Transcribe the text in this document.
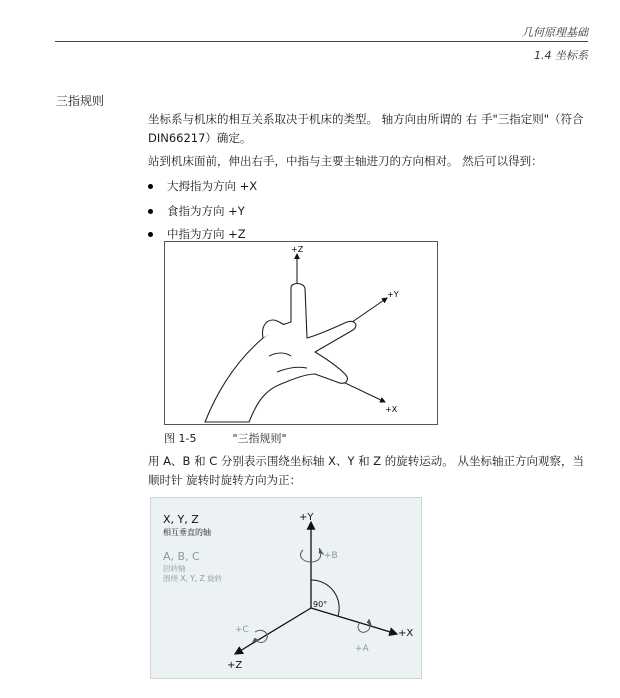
几何原理基础
1.4 坐标系
三指规则
坐标系与机床的相互关系取决于机床的类型。 轴方向由所谓的 右 手"三指定则"（符合 DIN66217）确定。
站到机床面前，伸出右手，中指与主要主轴进刀的方向相对。 然后可以得到：
大拇指为方向 +X
食指为方向 +Y
中指为方向 +Z
+Z
+Y
+X
图 1-5	"三指规则"
用 A、B 和 C 分别表示围绕坐标轴 X、Y 和 Z 的旋转运动。 从坐标轴正方向观察，当顺时针 旋转时旋转方向为正：
X, Y, Z
相互垂直的轴
A, B, C
回转轴
围绕 X, Y, Z 旋转
+Y
+X
+Z
90°
+B
+A
+C
